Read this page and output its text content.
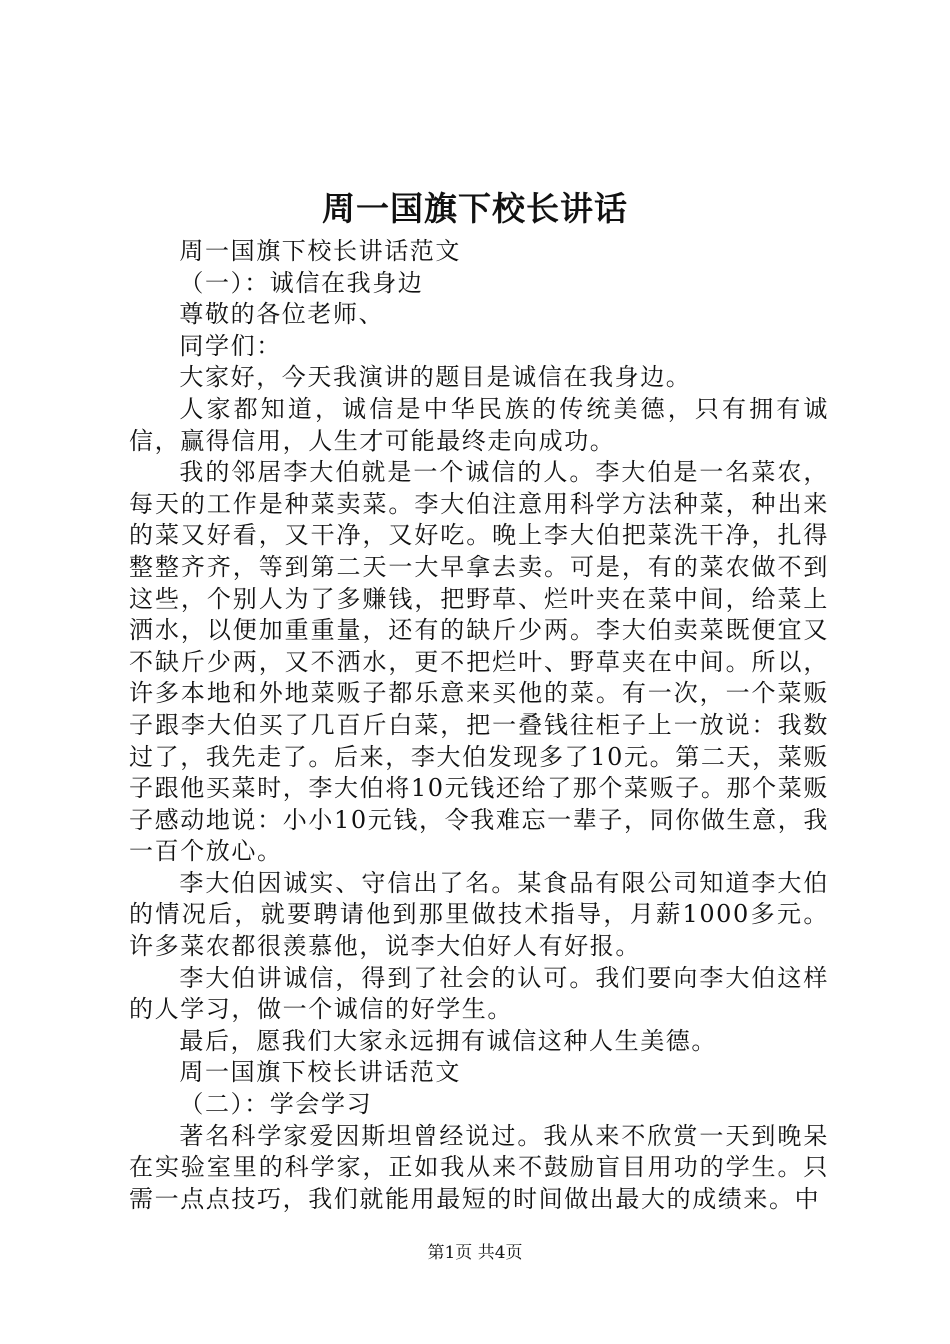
周一国旗下校长讲话

周一国旗下校长讲话范文

（一）：诚信在我身边

尊敬的各位老师、

同学们：

大家好，今天我演讲的题目是诚信在我身边。

人家都知道，诚信是中华民族的传统美德，只有拥有诚信，赢得信用，人生才可能最终走向成功。

我的邻居李大伯就是一个诚信的人。李大伯是一名菜农，每天的工作是种菜卖菜。李大伯注意用科学方法种菜，种出来的菜又好看，又干净，又好吃。晚上李大伯把菜洗干净，扎得整整齐齐，等到第二天一大早拿去卖。可是，有的菜农做不到这些，个别人为了多赚钱，把野草、烂叶夹在菜中间，给菜上洒水，以便加重重量，还有的缺斤少两。李大伯卖菜既便宜又不缺斤少两，又不洒水，更不把烂叶、野草夹在中间。所以，许多本地和外地菜贩子都乐意来买他的菜。有一次，一个菜贩子跟李大伯买了几百斤白菜，把一叠钱往柜子上一放说：我数过了，我先走了。后来，李大伯发现多了10元。第二天，菜贩子跟他买菜时，李大伯将10元钱还给了那个菜贩子。那个菜贩子感动地说：小小10元钱，令我难忘一辈子，同你做生意，我一百个放心。

李大伯因诚实、守信出了名。某食品有限公司知道李大伯的情况后，就要聘请他到那里做技术指导，月薪1000多元。许多菜农都很羡慕他，说李大伯好人有好报。

李大伯讲诚信，得到了社会的认可。我们要向李大伯这样的人学习，做一个诚信的好学生。

最后，愿我们大家永远拥有诚信这种人生美德。

周一国旗下校长讲话范文

（二）：学会学习

著名科学家爱因斯坦曾经说过。我从来不欣赏一天到晚呆在实验室里的科学家，正如我从来不鼓励盲目用功的学生。只需一点点技巧，我们就能用最短的时间做出最大的成绩来。中

第1页 共4页
